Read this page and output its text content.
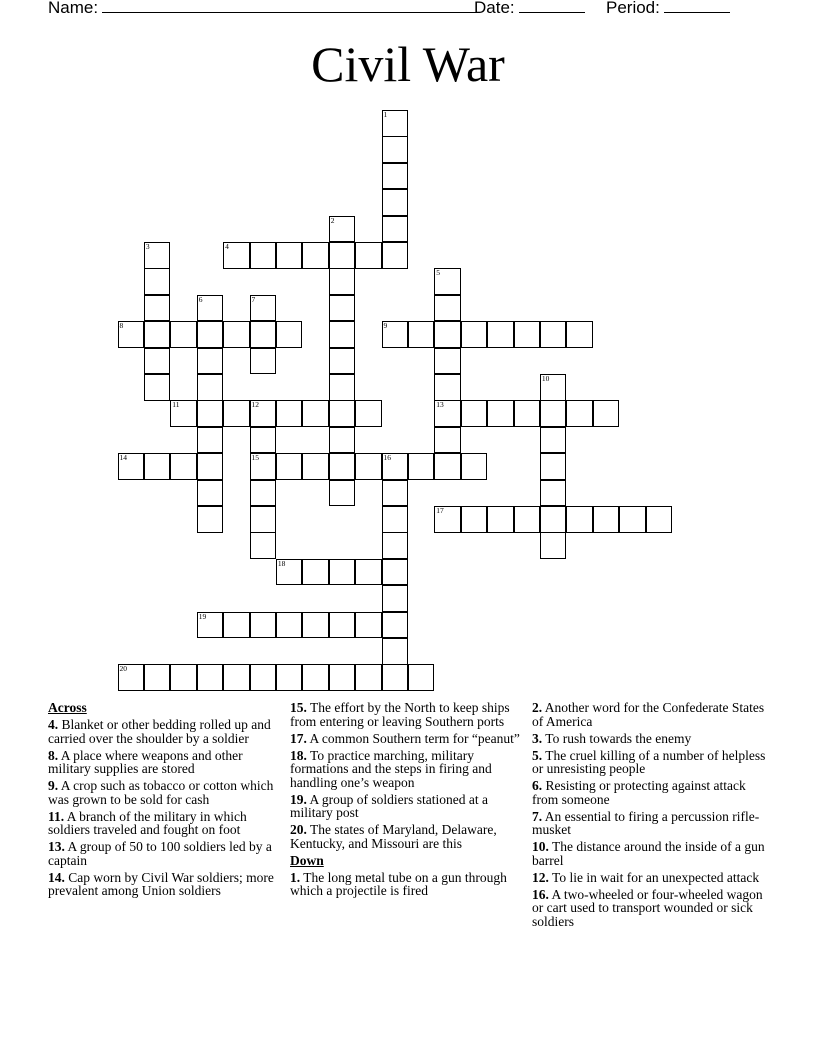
Name:	Date:	Period:
Civil War
1
2
3	4
5
13
6	7
8	9
10
11	12
15
14	16
17
18
19
20
Across
4. Blanket or other bedding rolled up and carried over the shoulder by a soldier
8. A place where weapons and other military supplies are stored
9. A crop such as tobacco or cotton which was grown to be sold for cash
11. A branch of the military in which soldiers traveled and fought on foot
13. A group of 50 to 100 soldiers led by a captain
14. Cap worn by Civil War soldiers; more prevalent among Union soldiers
15. The effort by the North to keep ships from entering or leaving Southern ports
17. A common Southern term for “peanut”
18. To practice marching, military formations and the steps in firing and handling one’s weapon
19. A group of soldiers stationed at a military post
20. The states of Maryland, Delaware, Kentucky, and Missouri are this
Down
1. The long metal tube on a gun through which a projectile is fired
2. Another word for the Confederate States of America
3. To rush towards the enemy
5. The cruel killing of a number of helpless or unresisting people
6. Resisting or protecting against attack from someone
7. An essential to firing a percussion rifle-musket
10. The distance around the inside of a gun barrel
12. To lie in wait for an unexpected attack
16. A two-wheeled or four-wheeled wagon or cart used to transport wounded or sick soldiers
